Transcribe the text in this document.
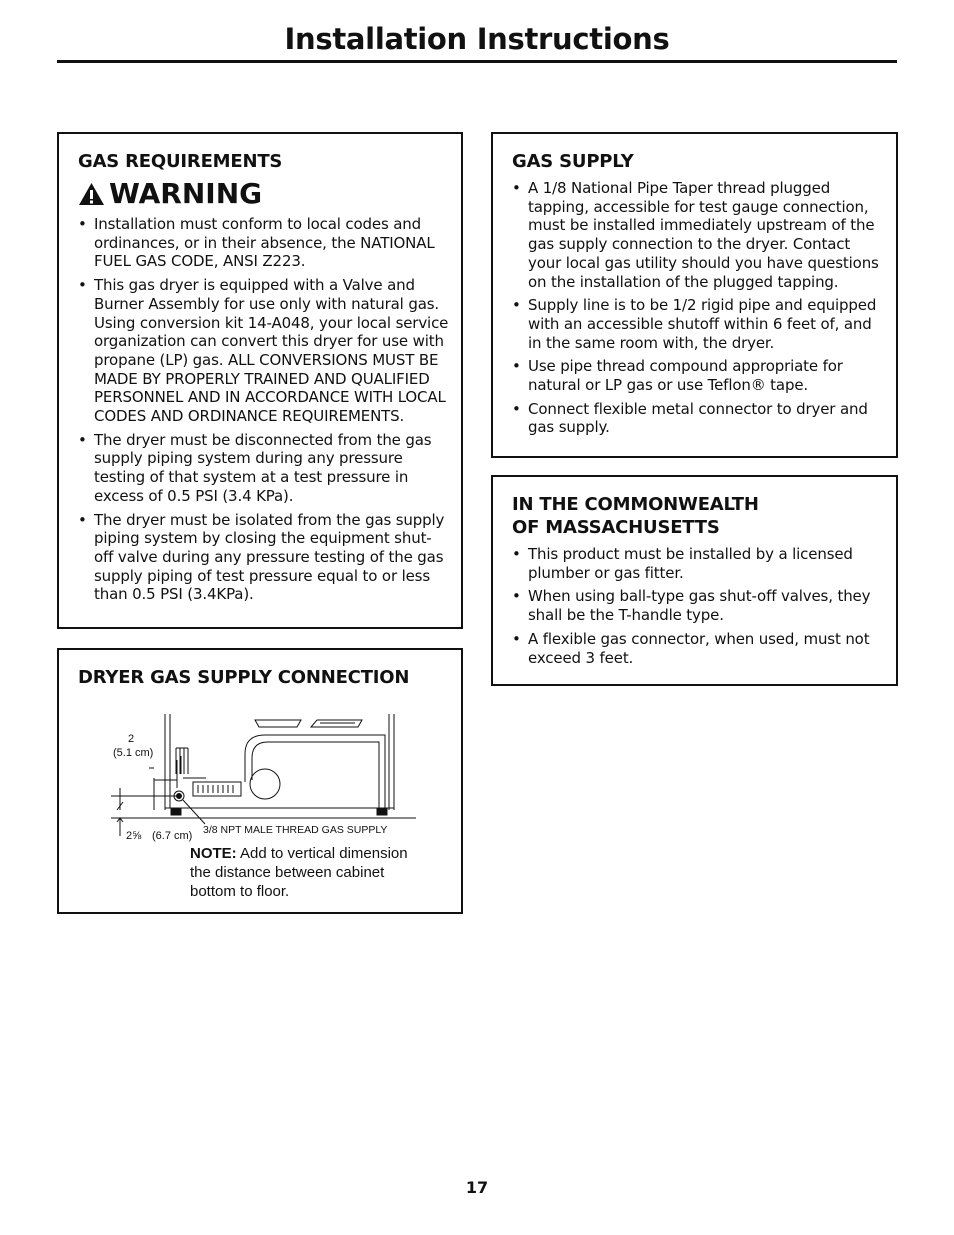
Installation Instructions
GAS REQUIREMENTS
WARNING
• Installation must conform to local codes and ordinances, or in their absence, the NATIONAL FUEL GAS CODE, ANSI Z223.
• This gas dryer is equipped with a Valve and Burner Assembly for use only with natural gas. Using conversion kit 14-A048, your local service organization can convert this dryer for use with propane (LP) gas. ALL CONVERSIONS MUST BE MADE BY PROPERLY TRAINED AND QUALIFIED PERSONNEL AND IN ACCORDANCE WITH LOCAL CODES AND ORDINANCE REQUIREMENTS.
• The dryer must be disconnected from the gas supply piping system during any pressure testing of that system at a test pressure in excess of 0.5 PSI (3.4 KPa).
• The dryer must be isolated from the gas supply piping system by closing the equipment shut-off valve during any pressure testing of the gas supply piping of test pressure equal to or less than 0.5 PSI (3.4KPa).
GAS SUPPLY
• A 1/8 National Pipe Taper thread plugged tapping, accessible for test gauge connection, must be installed immediately upstream of the gas supply connection to the dryer. Contact your local gas utility should you have questions on the installation of the plugged tapping.
• Supply line is to be 1/2 rigid pipe and equipped with an accessible shutoff within 6 feet of, and in the same room with, the dryer.
• Use pipe thread compound appropriate for natural or LP gas or use Teflon® tape.
• Connect flexible metal connector to dryer and gas supply.
IN THE COMMONWEALTH
OF MASSACHUSETTS
• This product must be installed by a licensed plumber or gas fitter.
• When using ball-type gas shut-off valves, they shall be the T-handle type.
• A flexible gas connector, when used, must not exceed 3 feet.
DRYER GAS SUPPLY CONNECTION
2
(5.1 cm)
2⅝ (6.7 cm) 3/8 NPT MALE THREAD GAS SUPPLY
NOTE: Add to vertical dimension the distance between cabinet bottom to floor.
17
